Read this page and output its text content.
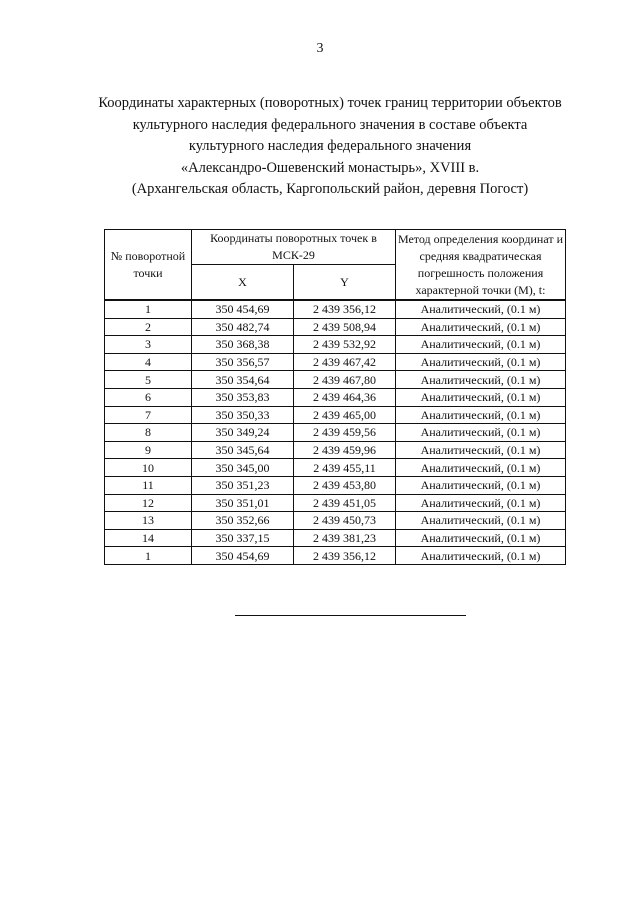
3
Координаты характерных (поворотных) точек границ территории объектов
культурного наследия федерального значения в составе объекта
культурного наследия федерального значения
«Александро-Ошевенский монастырь», XVIII в.
(Архангельская область, Каргопольский район, деревня Погост)
№ поворотной точки	Координаты поворотных точек в МСК-29		Метод определения координат и средняя квадратическая погрешность положения характерной точки (M), t:
	X	Y	
1	350 454,69	2 439 356,12	Аналитический, (0.1 м)
2	350 482,74	2 439 508,94	Аналитический, (0.1 м)
3	350 368,38	2 439 532,92	Аналитический, (0.1 м)
4	350 356,57	2 439 467,42	Аналитический, (0.1 м)
5	350 354,64	2 439 467,80	Аналитический, (0.1 м)
6	350 353,83	2 439 464,36	Аналитический, (0.1 м)
7	350 350,33	2 439 465,00	Аналитический, (0.1 м)
8	350 349,24	2 439 459,56	Аналитический, (0.1 м)
9	350 345,64	2 439 459,96	Аналитический, (0.1 м)
10	350 345,00	2 439 455,11	Аналитический, (0.1 м)
11	350 351,23	2 439 453,80	Аналитический, (0.1 м)
12	350 351,01	2 439 451,05	Аналитический, (0.1 м)
13	350 352,66	2 439 450,73	Аналитический, (0.1 м)
14	350 337,15	2 439 381,23	Аналитический, (0.1 м)
1	350 454,69	2 439 356,12	Аналитический, (0.1 м)
